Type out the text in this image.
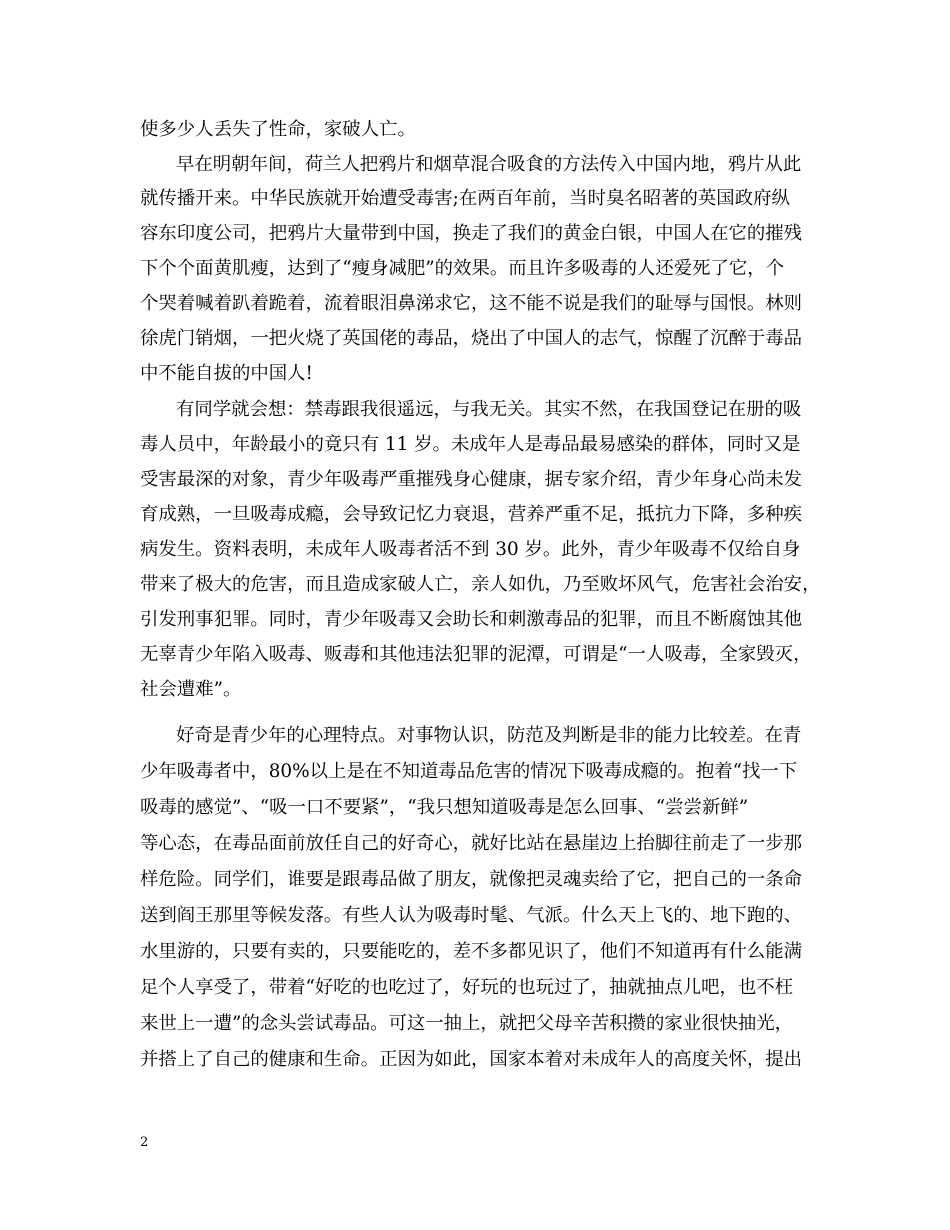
使多少人丢失了性命，家破人亡。
早在明朝年间，荷兰人把鸦片和烟草混合吸食的方法传入中国内地，鸦片从此
就传播开来。中华民族就开始遭受毒害;在两百年前，当时臭名昭著的英国政府纵
容东印度公司，把鸦片大量带到中国，换走了我们的黄金白银，中国人在它的摧残
下个个面黄肌瘦，达到了“瘦身减肥”的效果。而且许多吸毒的人还爱死了它，个
个哭着喊着趴着跪着，流着眼泪鼻涕求它，这不能不说是我们的耻辱与国恨。林则
徐虎门销烟，一把火烧了英国佬的毒品，烧出了中国人的志气，惊醒了沉醉于毒品
中不能自拔的中国人!
有同学就会想：禁毒跟我很遥远，与我无关。其实不然，在我国登记在册的吸
毒人员中，年龄最小的竟只有 11 岁。未成年人是毒品最易感染的群体，同时又是
受害最深的对象，青少年吸毒严重摧残身心健康，据专家介绍，青少年身心尚未发
育成熟，一旦吸毒成瘾，会导致记忆力衰退，营养严重不足，抵抗力下降，多种疾
病发生。资料表明，未成年人吸毒者活不到 30 岁。此外，青少年吸毒不仅给自身
带来了极大的危害，而且造成家破人亡，亲人如仇，乃至败坏风气，危害社会治安，
引发刑事犯罪。同时，青少年吸毒又会助长和刺激毒品的犯罪，而且不断腐蚀其他
无辜青少年陷入吸毒、贩毒和其他违法犯罪的泥潭，可谓是“一人吸毒，全家毁灭，
社会遭难”。
好奇是青少年的心理特点。对事物认识，防范及判断是非的能力比较差。在青
少年吸毒者中，80%以上是在不知道毒品危害的情况下吸毒成瘾的。抱着“找一下
吸毒的感觉”、“吸一口不要紧”，“我只想知道吸毒是怎么回事、“尝尝新鲜”
等心态，在毒品面前放任自己的好奇心，就好比站在悬崖边上抬脚往前走了一步那
样危险。同学们，谁要是跟毒品做了朋友，就像把灵魂卖给了它，把自己的一条命
送到阎王那里等候发落。有些人认为吸毒时髦、气派。什么天上飞的、地下跑的、
水里游的，只要有卖的，只要能吃的，差不多都见识了，他们不知道再有什么能满
足个人享受了，带着“好吃的也吃过了，好玩的也玩过了，抽就抽点儿吧，也不枉
来世上一遭”的念头尝试毒品。可这一抽上，就把父母辛苦积攒的家业很快抽光，
并搭上了自己的健康和生命。正因为如此，国家本着对未成年人的高度关怀，提出
2
